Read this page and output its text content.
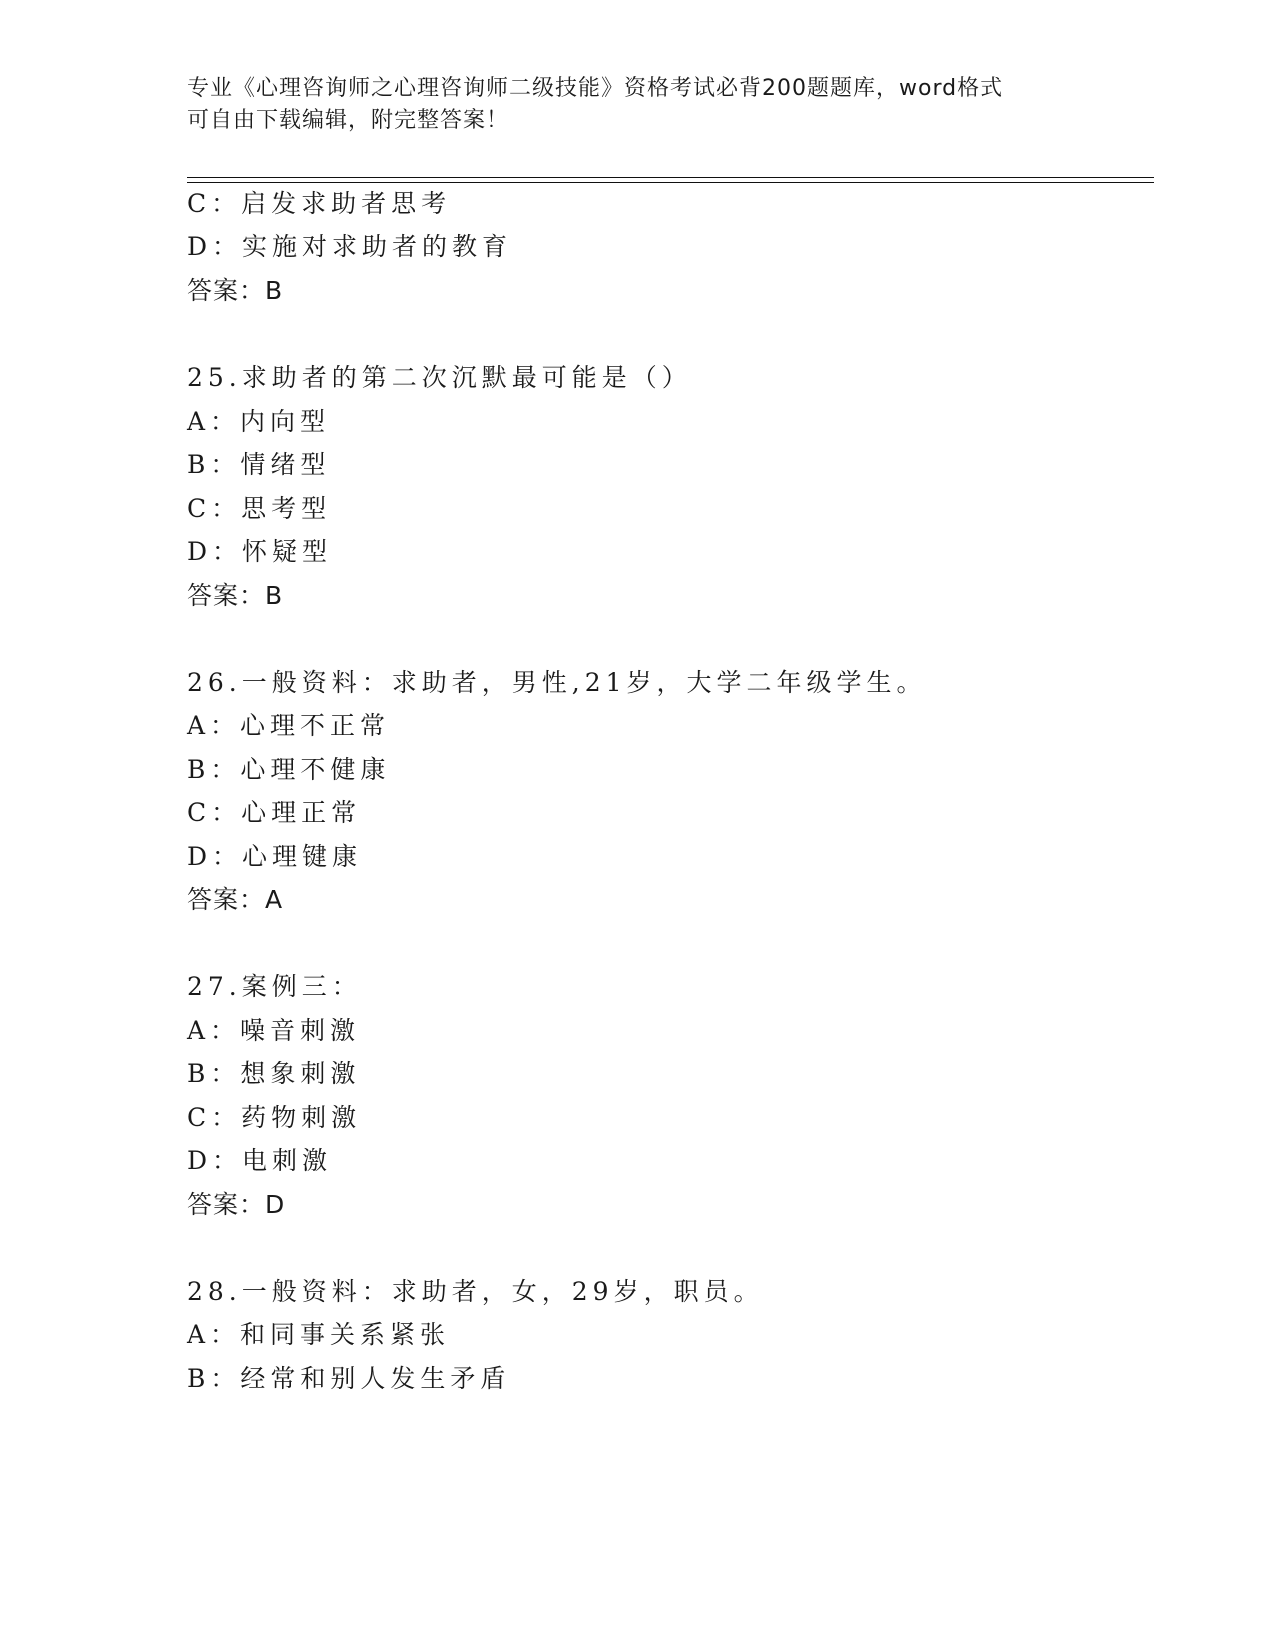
专业《心理咨询师之心理咨询师二级技能》资格考试必背200题题库，word格式
可自由下载编辑，附完整答案！
C：启发求助者思考
D：实施对求助者的教育
答案：B
25.求助者的第二次沉默最可能是（）
A：内向型
B：情绪型
C：思考型
D：怀疑型
答案：B
26.一般资料：求助者，男性,21岁，大学二年级学生。
A：心理不正常
B：心理不健康
C：心理正常
D：心理键康
答案：A
27.案例三：
A：噪音刺激
B：想象刺激
C：药物刺激
D：电刺激
答案：D
28.一般资料：求助者，女，29岁，职员。
A：和同事关系紧张
B：经常和别人发生矛盾
